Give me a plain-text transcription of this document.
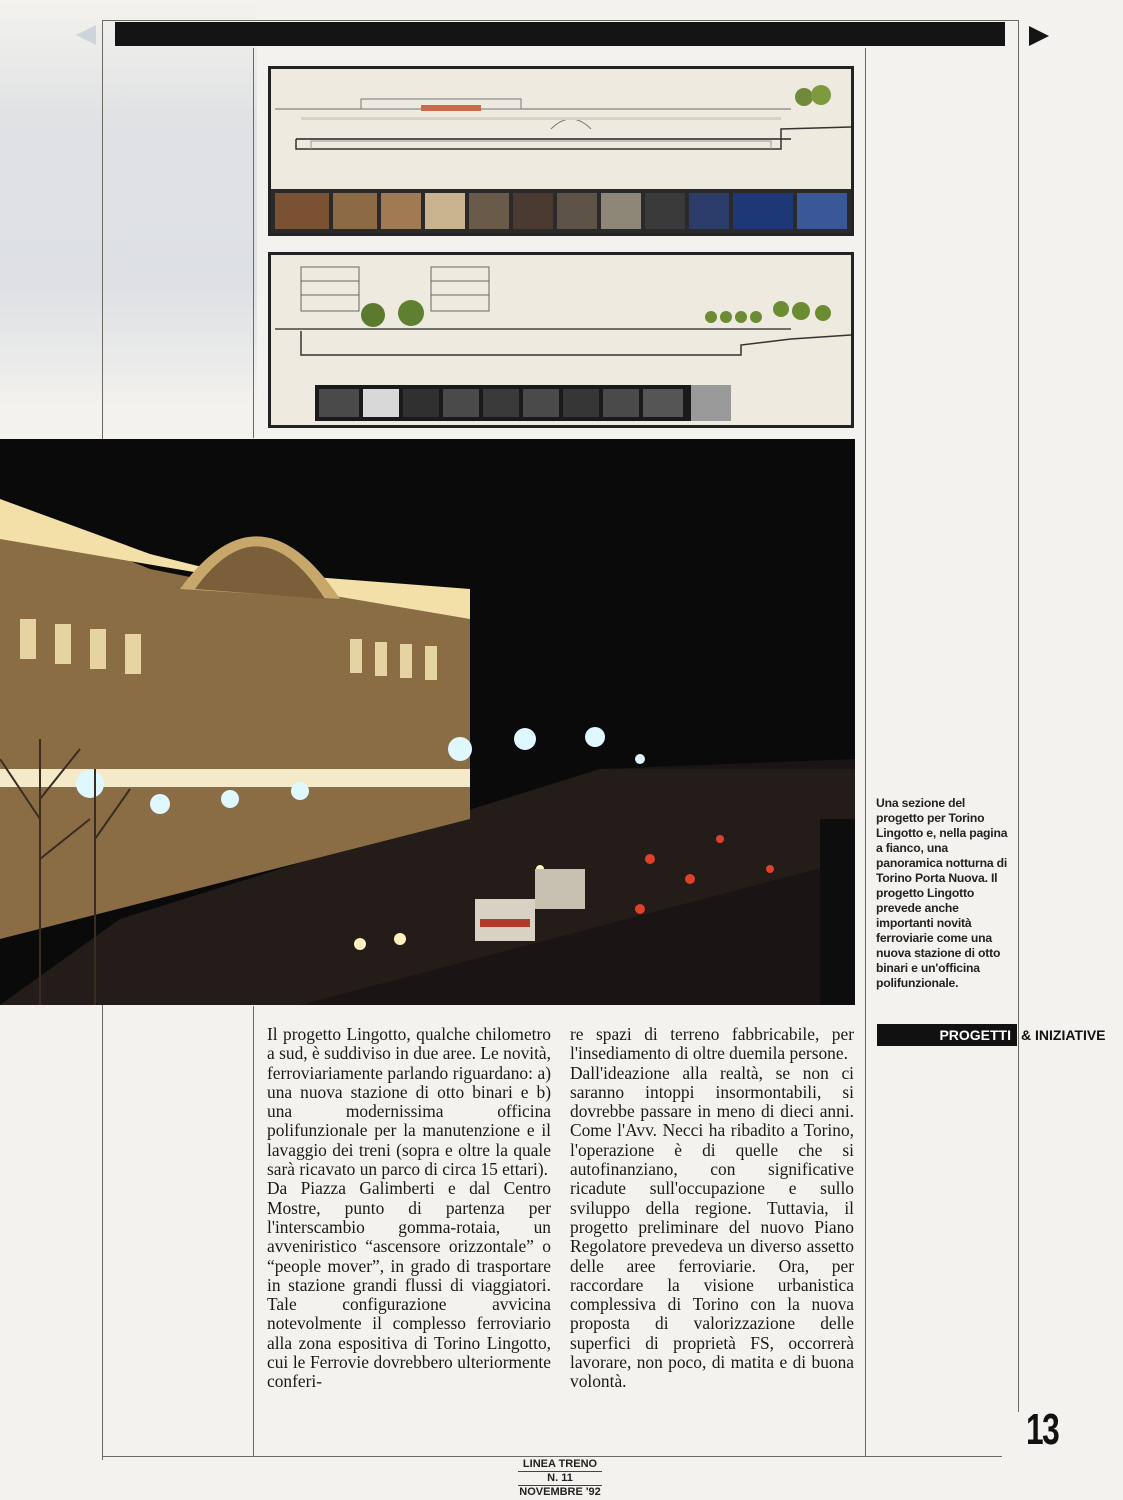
Una sezione del progetto per Torino Lingotto e, nella pagina a fianco, una panoramica notturna di Torino Porta Nuova. Il progetto Lingotto prevede anche importanti novità ferroviarie come una nuova stazione di otto binari e un'officina polifunzionale.
PROGETTI & INIZIATIVE

Il progetto Lingotto, qualche chilometro a sud, è suddiviso in due aree. Le novità, ferroviariamente parlando riguardano: a) una nuova stazione di otto binari e b) una modernissima officina polifunzionale per la manutenzione e il lavaggio dei treni (sopra e oltre la quale sarà ricavato un parco di circa 15 ettari).

Da Piazza Galimberti e dal Centro Mostre, punto di partenza per l'interscambio gomma-rotaia, un avveniristico “ascensore orizzontale” o “people mover”, in grado di trasportare in stazione grandi flussi di viaggiatori. Tale configurazione avvicina notevolmente il complesso ferroviario alla zona espositiva di Torino Lingotto, cui le Ferrovie dovrebbero ulteriormente conferi-

re spazi di terreno fabbricabile, per l'insediamento di oltre duemila persone.

Dall'ideazione alla realtà, se non ci saranno intoppi insormontabili, si dovrebbe passare in meno di dieci anni. Come l'Avv. Necci ha ribadito a Torino, l'operazione è di quelle che si autofinanziano, con significative ricadute sull'occupazione e sullo sviluppo della regione. Tuttavia, il progetto preliminare del nuovo Piano Regolatore prevedeva un diverso assetto delle aree ferroviarie. Ora, per raccordare la visione urbanistica complessiva di Torino con la nuova proposta di valorizzazione delle superfici di proprietà FS, occorrerà lavorare, non poco, di matita e di buona volontà.

13
LINEA TRENO
N. 11
NOVEMBRE '92
